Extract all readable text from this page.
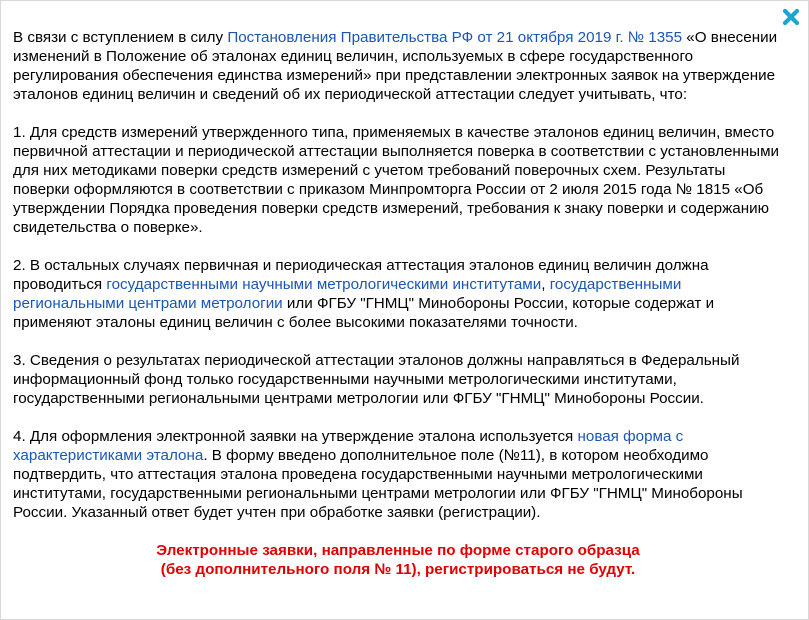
В связи с вступлением в силу Постановления Правительства РФ от 21 октября 2019 г. № 1355 «О внесении изменений в Положение об эталонах единиц величин, используемых в сфере государственного регулирования обеспечения единства измерений» при представлении электронных заявок на утверждение эталонов единиц величин и сведений об их периодической аттестации следует учитывать, что:

1. Для средств измерений утвержденного типа, применяемых в качестве эталонов единиц величин, вместо первичной аттестации и периодической аттестации выполняется поверка в соответствии с установленными для них методиками поверки средств измерений с учетом требований поверочных схем. Результаты поверки оформляются в соответствии с приказом Минпромторга России от 2 июля 2015 года № 1815 «Об утверждении Порядка проведения поверки средств измерений, требования к знаку поверки и содержанию свидетельства о поверке».

2. В остальных случаях первичная и периодическая аттестация эталонов единиц величин должна проводиться государственными научными метрологическими институтами, государственными региональными центрами метрологии или ФГБУ "ГНМЦ" Минобороны России, которые содержат и применяют эталоны единиц величин с более высокими показателями точности.

3. Сведения о результатах периодической аттестации эталонов должны направляться в Федеральный информационный фонд только государственными научными метрологическими институтами, государственными региональными центрами метрологии или ФГБУ "ГНМЦ" Минобороны России.

4. Для оформления электронной заявки на утверждение эталона используется новая форма с характеристиками эталона. В форму введено дополнительное поле (№11), в котором необходимо подтвердить, что аттестация эталона проведена государственными научными метрологическими институтами, государственными региональными центрами метрологии или ФГБУ "ГНМЦ" Минобороны России. Указанный ответ будет учтен при обработке заявки (регистрации).

Электронные заявки, направленные по форме старого образца
(без дополнительного поля № 11), регистрироваться не будут.
